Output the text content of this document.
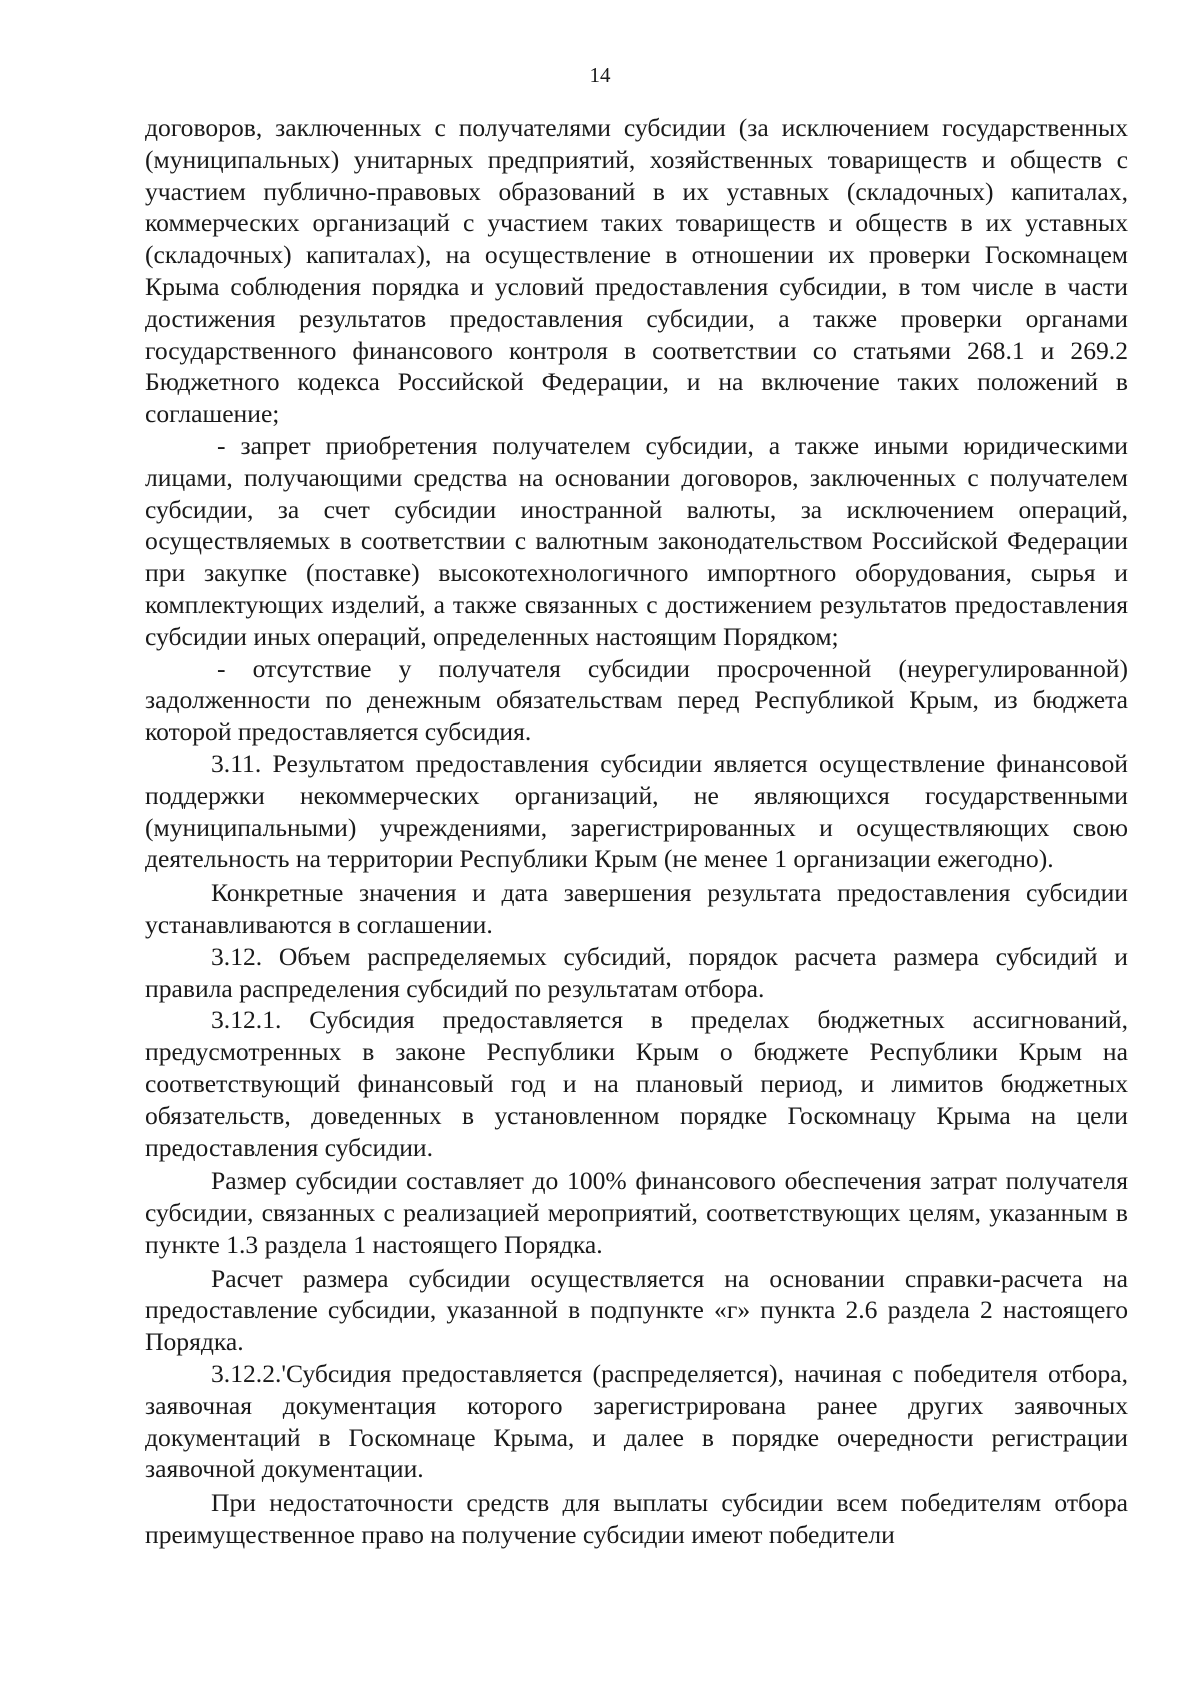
14

договоров, заключенных с получателями субсидии (за исключением государственных (муниципальных) унитарных предприятий, хозяйственных товариществ и обществ с участием публично-правовых образований в их уставных (складочных) капиталах, коммерческих организаций с участием таких товариществ и обществ в их уставных (складочных) капиталах), на осуществление в отношении их проверки Госкомнацем Крыма соблюдения порядка и условий предоставления субсидии, в том числе в части достижения результатов предоставления субсидии, а также проверки органами государственного финансового контроля в соответствии со статьями 268.1 и 269.2 Бюджетного кодекса Российской Федерации, и на включение таких положений в соглашение;

- запрет приобретения получателем субсидии, а также иными юридическими лицами, получающими средства на основании договоров, заключенных с получателем субсидии, за счет субсидии иностранной валюты, за исключением операций, осуществляемых в соответствии с валютным законодательством Российской Федерации при закупке (поставке) высокотехнологичного импортного оборудования, сырья и комплектующих изделий, а также связанных с достижением результатов предоставления субсидии иных операций, определенных настоящим Порядком;

- отсутствие у получателя субсидии просроченной (неурегулированной) задолженности по денежным обязательствам перед Республикой Крым, из бюджета которой предоставляется субсидия.

3.11. Результатом предоставления субсидии является осуществление финансовой поддержки некоммерческих организаций, не являющихся государственными (муниципальными) учреждениями, зарегистрированных и осуществляющих свою деятельность на территории Республики Крым (не менее 1 организации ежегодно).

Конкретные значения и дата завершения результата предоставления субсидии устанавливаются в соглашении.

3.12. Объем распределяемых субсидий, порядок расчета размера субсидий и правила распределения субсидий по результатам отбора.

3.12.1. Субсидия предоставляется в пределах бюджетных ассигнований, предусмотренных в законе Республики Крым о бюджете Республики Крым на соответствующий финансовый год и на плановый период, и лимитов бюджетных обязательств, доведенных в установленном порядке Госкомнацу Крыма на цели предоставления субсидии.

Размер субсидии составляет до 100% финансового обеспечения затрат получателя субсидии, связанных с реализацией мероприятий, соответствующих целям, указанным в пункте 1.3 раздела 1 настоящего Порядка.

Расчет размера субсидии осуществляется на основании справки-расчета на предоставление субсидии, указанной в подпункте «г» пункта 2.6 раздела 2 настоящего Порядка.

3.12.2.'Субсидия предоставляется (распределяется), начиная с победителя отбора, заявочная документация которого зарегистрирована ранее других заявочных документаций в Госкомнаце Крыма, и далее в порядке очередности регистрации заявочной документации.

При недостаточности средств для выплаты субсидии всем победителям отбора преимущественное право на получение субсидии имеют победители
